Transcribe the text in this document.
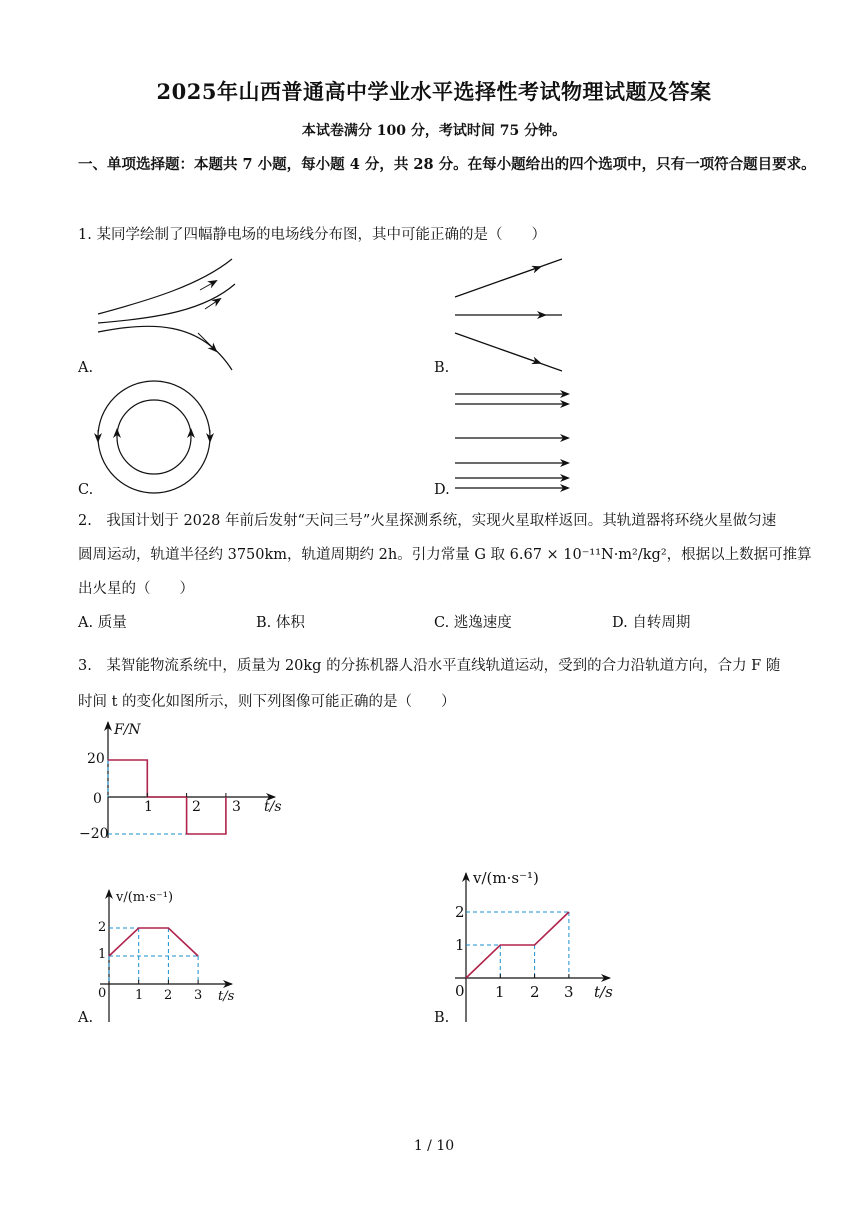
2025年山西普通高中学业水平选择性考试物理试题及答案
本试卷满分 100 分，考试时间 75 分钟。
一、单项选择题：本题共 7 小题，每小题 4 分，共 28 分。在每小题给出的四个选项中，只有一项符合题目要求。
1. 某同学绘制了四幅静电场的电场线分布图，其中可能正确的是（　　）
A.	B.
C.	D.
2.　我国计划于 2028 年前后发射“天问三号”火星探测系统，实现火星取样返回。其轨道器将环绕火星做匀速
圆周运动，轨道半径约 3750km，轨道周期约 2h。引力常量 G 取 6.67 × 10⁻¹¹N·m²/kg²，根据以上数据可推算
出火星的（　　）
A. 质量	B. 体积	C. 逃逸速度	D. 自转周期
3.　某智能物流系统中，质量为 20kg 的分拣机器人沿水平直线轨道运动，受到的合力沿轨道方向，合力 F 随
时间 t 的变化如图所示，则下列图像可能正确的是（　　）
F/N
t/s
20
0
−20
1	2 3
v/(m·s⁻¹)
t/s
2
1
0 1 2 3
A.
v/(m·s⁻¹)
t/s
2
1
0 1 2 3
B.
1 / 10
